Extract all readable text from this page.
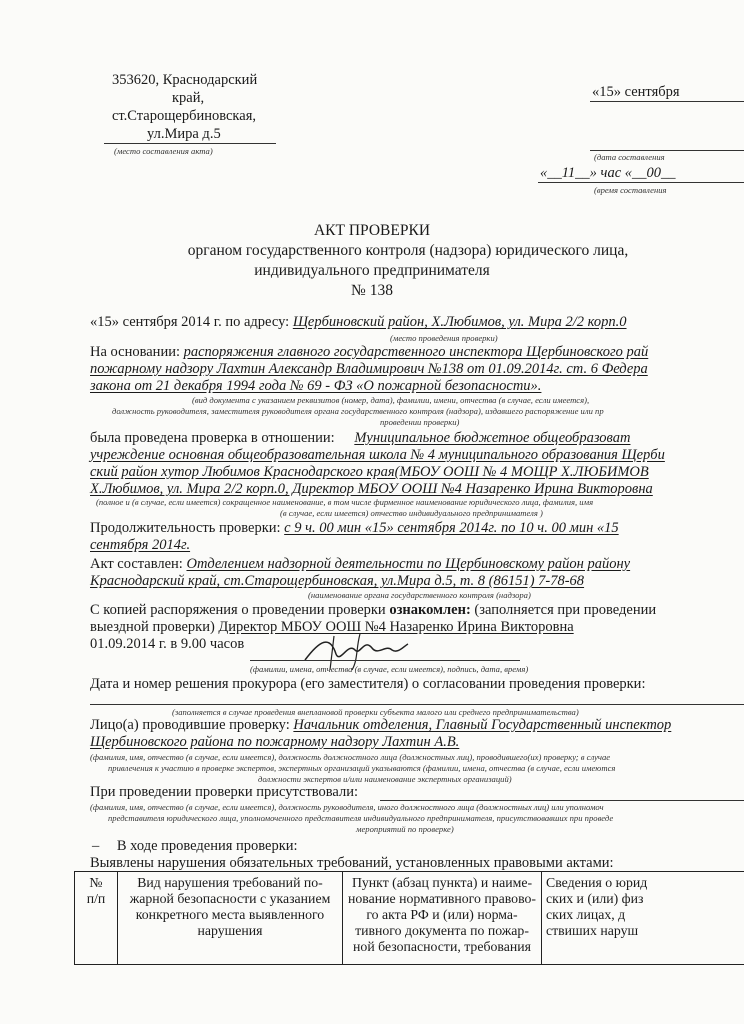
353620, Краснодарский
край,
ст.Старощербиновская,
ул.Мира д.5
(место составления акта)
«15» сентября
(дата составления
«__11__» час «__00__
(время составления
АКТ ПРОВЕРКИ
органом государственного контроля (надзора) юридического лица,
индивидуального предпринимателя
№ 138
«15» сентября 2014 г. по адресу: Щербиновский район, Х.Любимов, ул. Мира 2/2 корп.0
(место проведения проверки)
На основании: распоряжения главного государственного инспектора Щербиновского рай
пожарному надзору Лахтин Александр Владимирович №138 от 01.09.2014г. ст. 6 Федера
закона от 21 декабря 1994 года № 69 - ФЗ «О пожарной безопасности».
(вид документа с указанием реквизитов (номер, дата), фамилии, имени, отчества (в случае, если имеется),
должность руководителя, заместителя руководителя органа государственного контроля (надзора), издавшего распоряжение или пр
проведении проверки)
была проведена проверка в отношении: Муниципальное бюджетное общеобразоват
учреждение основная общеобразовательная школа № 4 муниципального образования Щерби
ский район хутор Любимов Краснодарского края(МБОУ ООШ № 4 МОЩР Х.ЛЮБИМОВ
Х.Любимов, ул. Мира 2/2 корп.0, Директор МБОУ ООШ №4 Назаренко Ирина Викторовна
(полное и (в случае, если имеется) сокращенное наименование, в том числе фирменное наименование юридического лица, фамилия, имя
(в случае, если имеется) отчество индивидуального предпринимателя )
Продолжительность проверки: с 9 ч. 00 мин «15» сентября 2014г. по 10 ч. 00 мин «15
сентября 2014г.
Акт составлен: Отделением надзорной деятельности по Щербиновскому район району
Краснодарский край, ст.Старощербиновская, ул.Мира д.5, т. 8 (86151) 7-78-68
(наименование органа государственного контроля (надзора)
С копией распоряжения о проведении проверки ознакомлен: (заполняется при проведении
выездной проверки) Директор МБОУ ООШ №4 Назаренко Ирина Викторовна
01.09.2014 г. в 9.00 часов
(фамилии, имена, отчества (в случае, если имеется), подпись, дата, время)
Дата и номер решения прокурора (его заместителя) о согласовании проведения проверки:
(заполняется в случае проведения внеплановой проверки субъекта малого или среднего предпринимательства)
Лицо(а) проводившие проверку: Начальник отделения, Главный Государственный инспектор
Щербиновского района по пожарному надзору Лахтин А.В.
(фамилия, имя, отчество (в случае, если имеется), должность должностного лица (должностных лиц), проводившего(их) проверку; в случае
привлечения к участию в проверке экспертов, экспертных организаций указываются (фамилии, имена, отчества (в случае, если имеются
должности экспертов и/или наименование экспертных организаций)
При проведении проверки присутствовали:
(фамилия, имя, отчество (в случае, если имеется), должность руководителя, иного должностного лица (должностных лиц) или уполномоч
представителя юридического лица, уполномоченного представителя индивидуального предпринимателя, присутствовавших при проведе
мероприятий по проверке)
– В ходе проведения проверки:
Выявлены нарушения обязательных требований, установленных правовыми актами:
№
п/п	Вид нарушения требований по-
жарной безопасности с указанием
конкретного места выявленного
нарушения	Пункт (абзац пункта) и наиме-
нование нормативного правово-
го акта РФ и (или) норма-
тивного документа по пожар-
ной безопасности, требования	Сведения о юрид
ских и (или) физ
ских лицах, д
ствиших наруш
